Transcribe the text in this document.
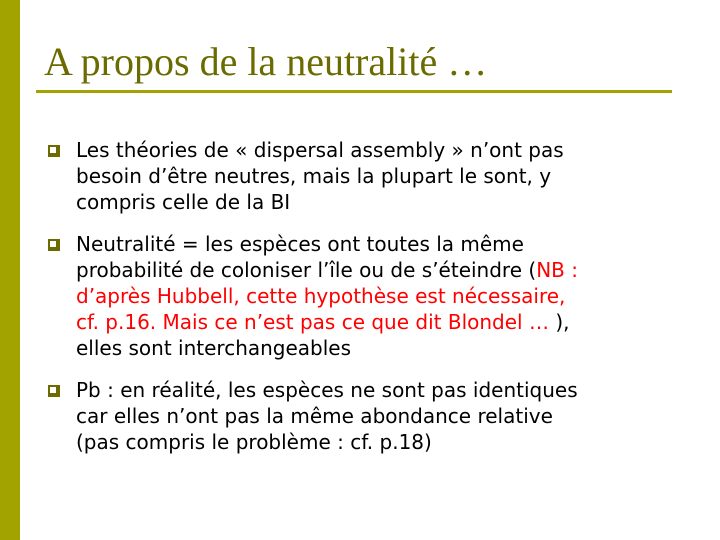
A propos de la neutralité …
Les théories de « dispersal assembly » n’ont pas
besoin d’être neutres, mais la plupart le sont, y
compris celle de la BI
Neutralité = les espèces ont toutes la même
probabilité de coloniser l’île ou de s’éteindre (NB :
d’après Hubbell, cette hypothèse est nécessaire,
cf. p.16. Mais ce n’est pas ce que dit Blondel … ),
elles sont interchangeables
Pb : en réalité, les espèces ne sont pas identiques
car elles n’ont pas la même abondance relative
(pas compris le problème : cf. p.18)
